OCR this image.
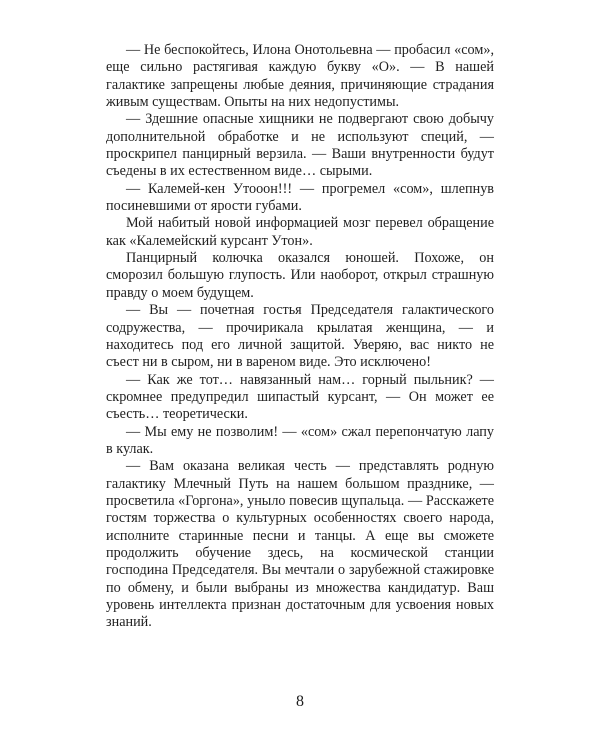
— Не беспокойтесь, Илона Онотольевна — пробасил «сом», еще сильно растягивая каждую букву «О». — В нашей галактике запрещены любые деяния, причиняющие страдания живым существам. Опыты на них недопустимы.

— Здешние опасные хищники не подвергают свою добычу дополнительной обработке и не используют специй, — проскрипел панцирный верзила. — Ваши внутренности будут съедены в их естественном виде… сырыми.

— Калемей-кен Утооон!!! — прогремел «сом», шлепнув посиневшими от ярости губами.

Мой набитый новой информацией мозг перевел обращение как «Калемейский курсант Утон».

Панцирный колючка оказался юношей. Похоже, он сморозил большую глупость. Или наоборот, открыл страшную правду о моем будущем.

— Вы — почетная гостья Председателя галактического содружества, — прочирикала крылатая женщина, — и находитесь под его личной защитой. Уверяю, вас никто не съест ни в сыром, ни в вареном виде. Это исключено!

— Как же тот… навязанный нам… горный пыльник? — скромнее предупредил шипастый курсант, — Он может ее съесть… теоретически.

— Мы ему не позволим! — «сом» сжал перепончатую лапу в кулак.

— Вам оказана великая честь — представлять родную галактику Млечный Путь на нашем большом празднике, — просветила «Горгона», уныло повесив щупальца. — Расскажете гостям торжества о культурных особенностях своего народа, исполните старинные песни и танцы. А еще вы сможете продолжить обучение здесь, на космической станции господина Председателя. Вы мечтали о зарубежной стажировке по обмену, и были выбраны из множества кандидатур. Ваш уровень интеллекта признан достаточным для усвоения новых знаний.

8
